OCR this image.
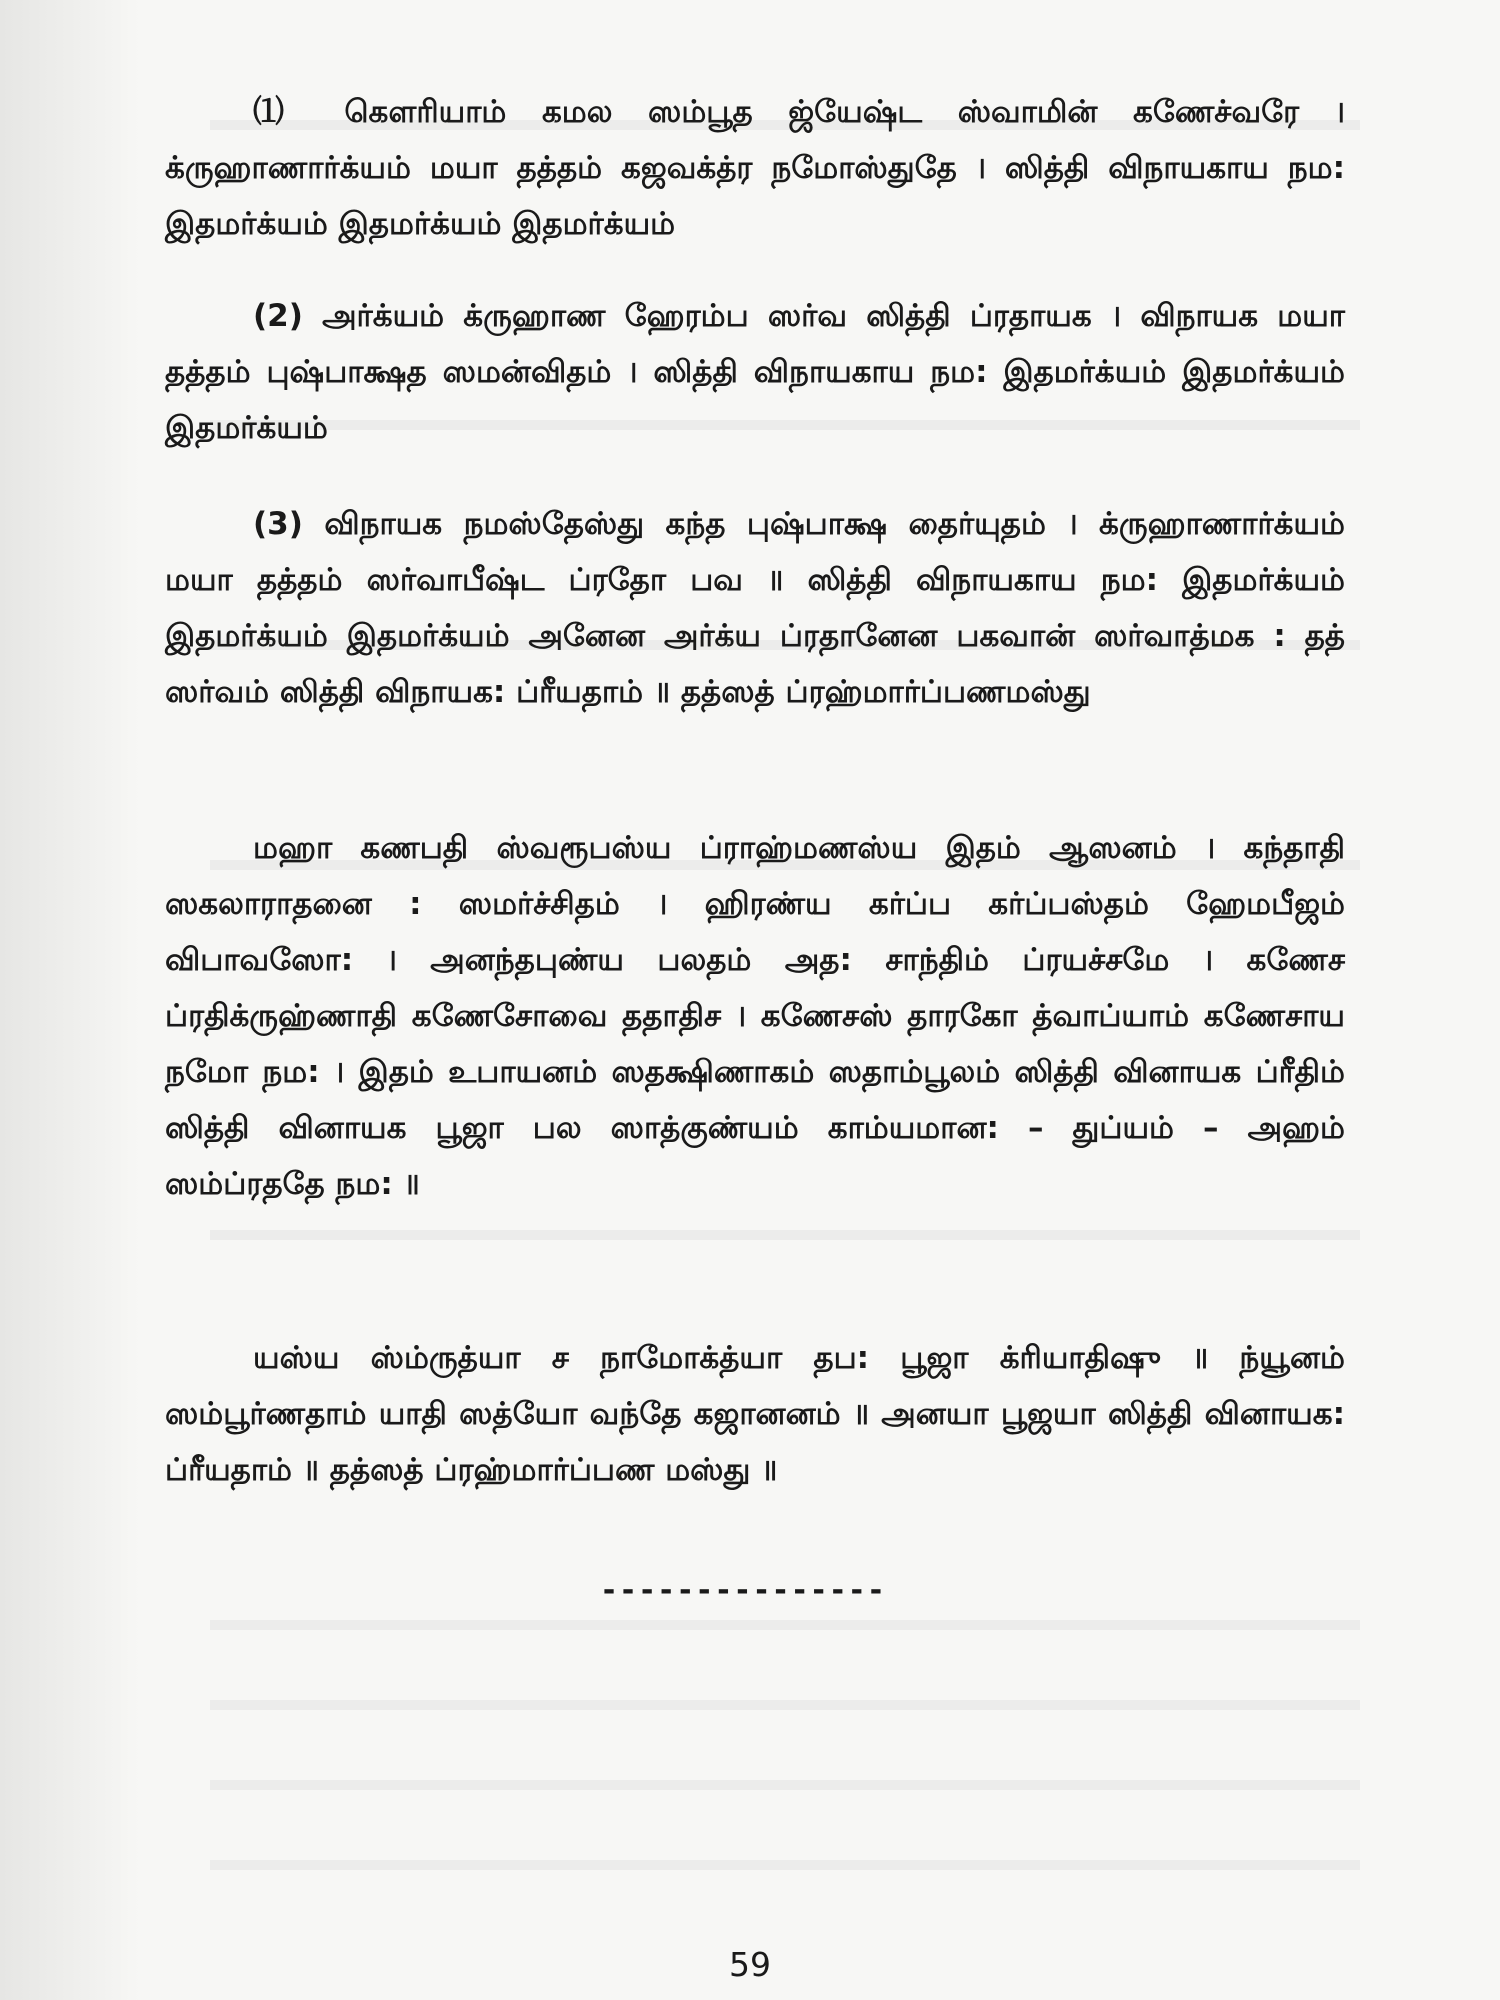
⑴ கௌரியாம் கமல ஸம்பூத ஜ்யேஷ்ட ஸ்வாமின் கணேச்வரே ‌। க்ருஹாணார்க்யம் மயா தத்தம் கஜவக்த்ர நமோஸ்துதே । ஸித்தி விநாயகாய நம: இதமர்க்யம் இதமர்க்யம் இதமர்க்யம்

(2) அர்க்யம் க்ருஹாண ஹேரம்ப ஸர்வ ஸித்தி ப்ரதாயக । விநாயக மயா தத்தம் புஷ்பாக்ஷத ஸமன்விதம் । ஸித்தி விநாயகாய நம: இதமர்க்யம் இதமர்க்யம் இதமர்க்யம்

(3) விநாயக நமஸ்தேஸ்து கந்த புஷ்பாக்ஷ தைர்யுதம் । க்ருஹாணார்க்யம் மயா தத்தம் ஸர்வாபீஷ்ட ப்ரதோ பவ ॥ ஸித்தி விநாயகாய நம: இதமர்க்யம் இதமர்க்யம் இதமர்க்யம் அனேன அர்க்ய ப்ரதானேன பகவான் ஸர்வாத்மக : தத் ஸர்வம் ஸித்தி விநாயக: ப்ரீயதாம் ॥ தத்ஸத் ப்ரஹ்மார்ப்பணமஸ்து

மஹா கணபதி ஸ்வரூபஸ்ய ப்ராஹ்மணஸ்ய இதம் ஆஸனம் । கந்தாதி ஸகலாராதனை : ஸமர்ச்சிதம் । ஹிரண்ய கர்ப்ப கர்ப்பஸ்தம் ஹேமபீஜம் விபாவஸோ: । அனந்தபுண்ய பலதம் அத: சாந்திம் ப்ரயச்சமே । கணேச ப்ரதிக்ருஹ்ணாதி கணேசோவை ததாதிச । கணேசஸ் தாரகோ த்வாப்யாம் கணேசாய நமோ நம: । இதம் உபாயனம் ஸதக்ஷிணாகம் ஸதாம்பூலம் ஸித்தி வினாயக ப்ரீதிம் ஸித்தி வினாயக பூஜா பல ஸாத்குண்யம் காம்யமான: – துப்யம் – அஹம் ஸம்ப்ரததே நம: ॥

யஸ்ய ஸ்ம்ருத்யா ச நாமோக்த்யா தப: பூஜா க்ரியாதிஷு ॥ ந்யூனம் ஸம்பூர்ணதாம் யாதி ஸத்யோ வந்தே கஜானனம் ॥ அனயா பூஜயா ஸித்தி வினாயக: ப்ரீயதாம் ॥ தத்ஸத் ப்ரஹ்மார்ப்பண மஸ்து ॥

---------------
59
